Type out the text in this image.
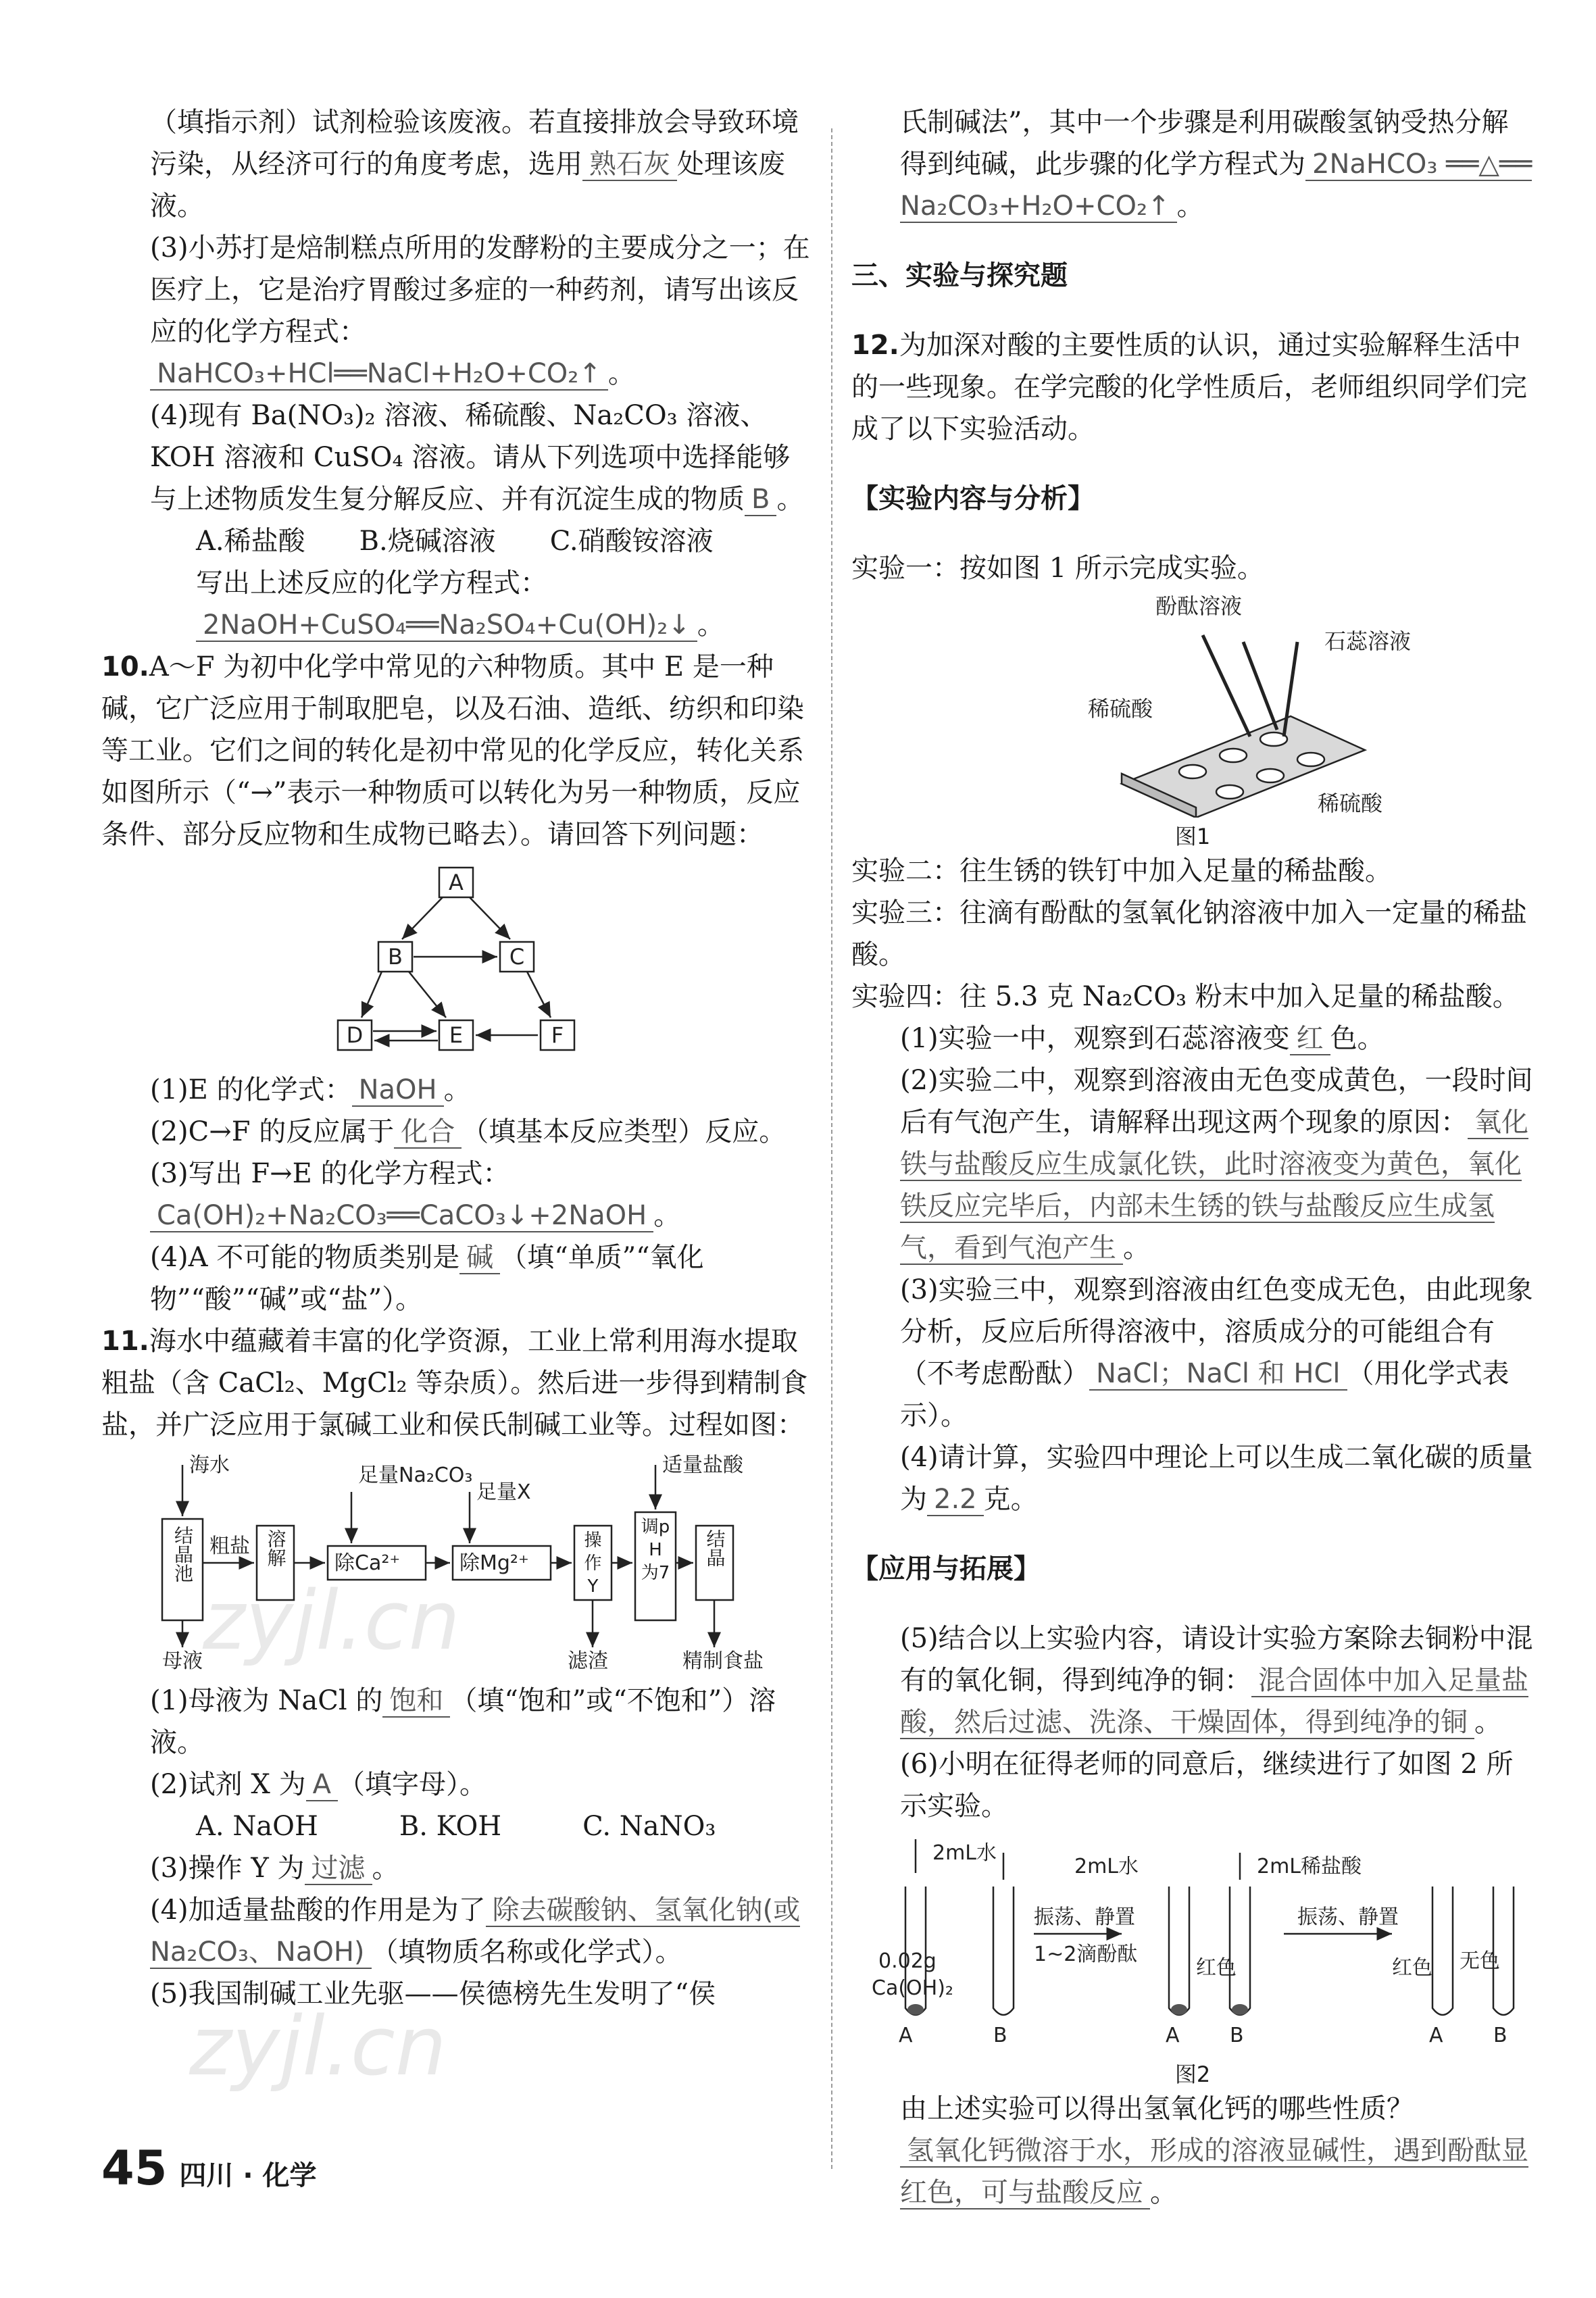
（填指示剂）试剂检验该废液。若直接排放会导致环境污染，从经济可行的角度考虑，选用 熟石灰 处理该废液。

(3)小苏打是焙制糕点所用的发酵粉的主要成分之一；在医疗上，它是治疗胃酸过多症的一种药剂，请写出该反应的化学方程式：NaHCO₃+HCl══NaCl+H₂O+CO₂↑ 。

(4)现有 Ba(NO₃)₂ 溶液、稀硫酸、Na₂CO₃ 溶液、KOH 溶液和 CuSO₄ 溶液。请从下列选项中选择能够与上述物质发生复分解反应、并有沉淀生成的物质 B 。

A.稀盐酸　　B.烧碱溶液　　C.硝酸铵溶液

写出上述反应的化学方程式：2NaOH+CuSO₄══Na₂SO₄+Cu(OH)₂↓ 。

10.A～F 为初中化学中常见的六种物质。其中 E 是一种碱，它广泛应用于制取肥皂，以及石油、造纸、纺织和印染等工业。它们之间的转化是初中常见的化学反应，转化关系如图所示（“→”表示一种物质可以转化为另一种物质，反应条件、部分反应物和生成物已略去）。请回答下列问题：

A
B	C
D	E	F

(1)E 的化学式： NaOH 。

(2)C→F 的反应属于 化合 （填基本反应类型）反应。

(3)写出 F→E 的化学方程式：Ca(OH)₂+Na₂CO₃══CaCO₃↓+2NaOH 。

(4)A 不可能的物质类别是 碱 （填“单质”“氧化物”“酸”“碱”或“盐”）。

11.海水中蕴藏着丰富的化学资源，工业上常利用海水提取粗盐（含 CaCl₂、MgCl₂ 等杂质）。然后进一步得到精制食盐，并广泛应用于氯碱工业和侯氏制碱工业等。过程如图：

海水
粗盐
足量Na₂CO₃
足量X
适量盐酸
除Ca²⁺	除Mg²⁺
母液	滤渣	精制食盐
结晶池	溶解	操作Y
调pH为7
结晶

(1)母液为 NaCl 的 饱和 （填“饱和”或“不饱和”）溶液。

(2)试剂 X 为 A （填字母）。

A. NaOH　　　B. KOH　　　C. NaNO₃

(3)操作 Y 为 过滤 。

(4)加适量盐酸的作用是为了 除去碳酸钠、氢氧化钠(或 Na₂CO₃、NaOH) （填物质名称或化学式）。

(5)我国制碱工业先驱——侯德榜先生发明了“侯

氏制碱法”，其中一个步骤是利用碳酸氢钠受热分解得到纯碱，此步骤的化学方程式为 2NaHCO₃ ══△══ Na₂CO₃+H₂O+CO₂↑ 。

三、实验与探究题

12.为加深对酸的主要性质的认识，通过实验解释生活中的一些现象。在学完酸的化学性质后，老师组织同学们完成了以下实验活动。

【实验内容与分析】

实验一：按如图 1 所示完成实验。

酚酞溶液
石蕊溶液
稀硫酸
稀硫酸

图1

实验二：往生锈的铁钉中加入足量的稀盐酸。

实验三：往滴有酚酞的氢氧化钠溶液中加入一定量的稀盐酸。

实验四：往 5.3 克 Na₂CO₃ 粉末中加入足量的稀盐酸。

(1)实验一中，观察到石蕊溶液变 红 色。

(2)实验二中，观察到溶液由无色变成黄色，一段时间后有气泡产生，请解释出现这两个现象的原因： 氧化铁与盐酸反应生成氯化铁，此时溶液变为黄色，氧化铁反应完毕后，内部未生锈的铁与盐酸反应生成氢气，看到气泡产生 。

(3)实验三中，观察到溶液由红色变成无色，由此现象分析，反应后所得溶液中，溶质成分的可能组合有（不考虑酚酞） NaCl；NaCl 和 HCl （用化学式表示）。

(4)请计算，实验四中理论上可以生成二氧化碳的质量为 2.2 克。

【应用与拓展】

(5)结合以上实验内容，请设计实验方案除去铜粉中混有的氧化铜，得到纯净的铜： 混合固体中加入足量盐酸，然后过滤、洗涤、干燥固体，得到纯净的铜 。

(6)小明在征得老师的同意后，继续进行了如图 2 所示实验。

2mL水
2mL水	2mL稀盐酸
0.02g
Ca(OH)₂
振荡、静置
1~2滴酚酞
振荡、静置
红色	红色 无色
A	B	A B	A B

图2

由上述实验可以得出氢氧化钙的哪些性质？

氢氧化钙微溶于水，形成的溶液显碱性，遇到酚酞显红色，可与盐酸反应 。

zyjl.cn
zyjl.cn
45 四川 · 化学
